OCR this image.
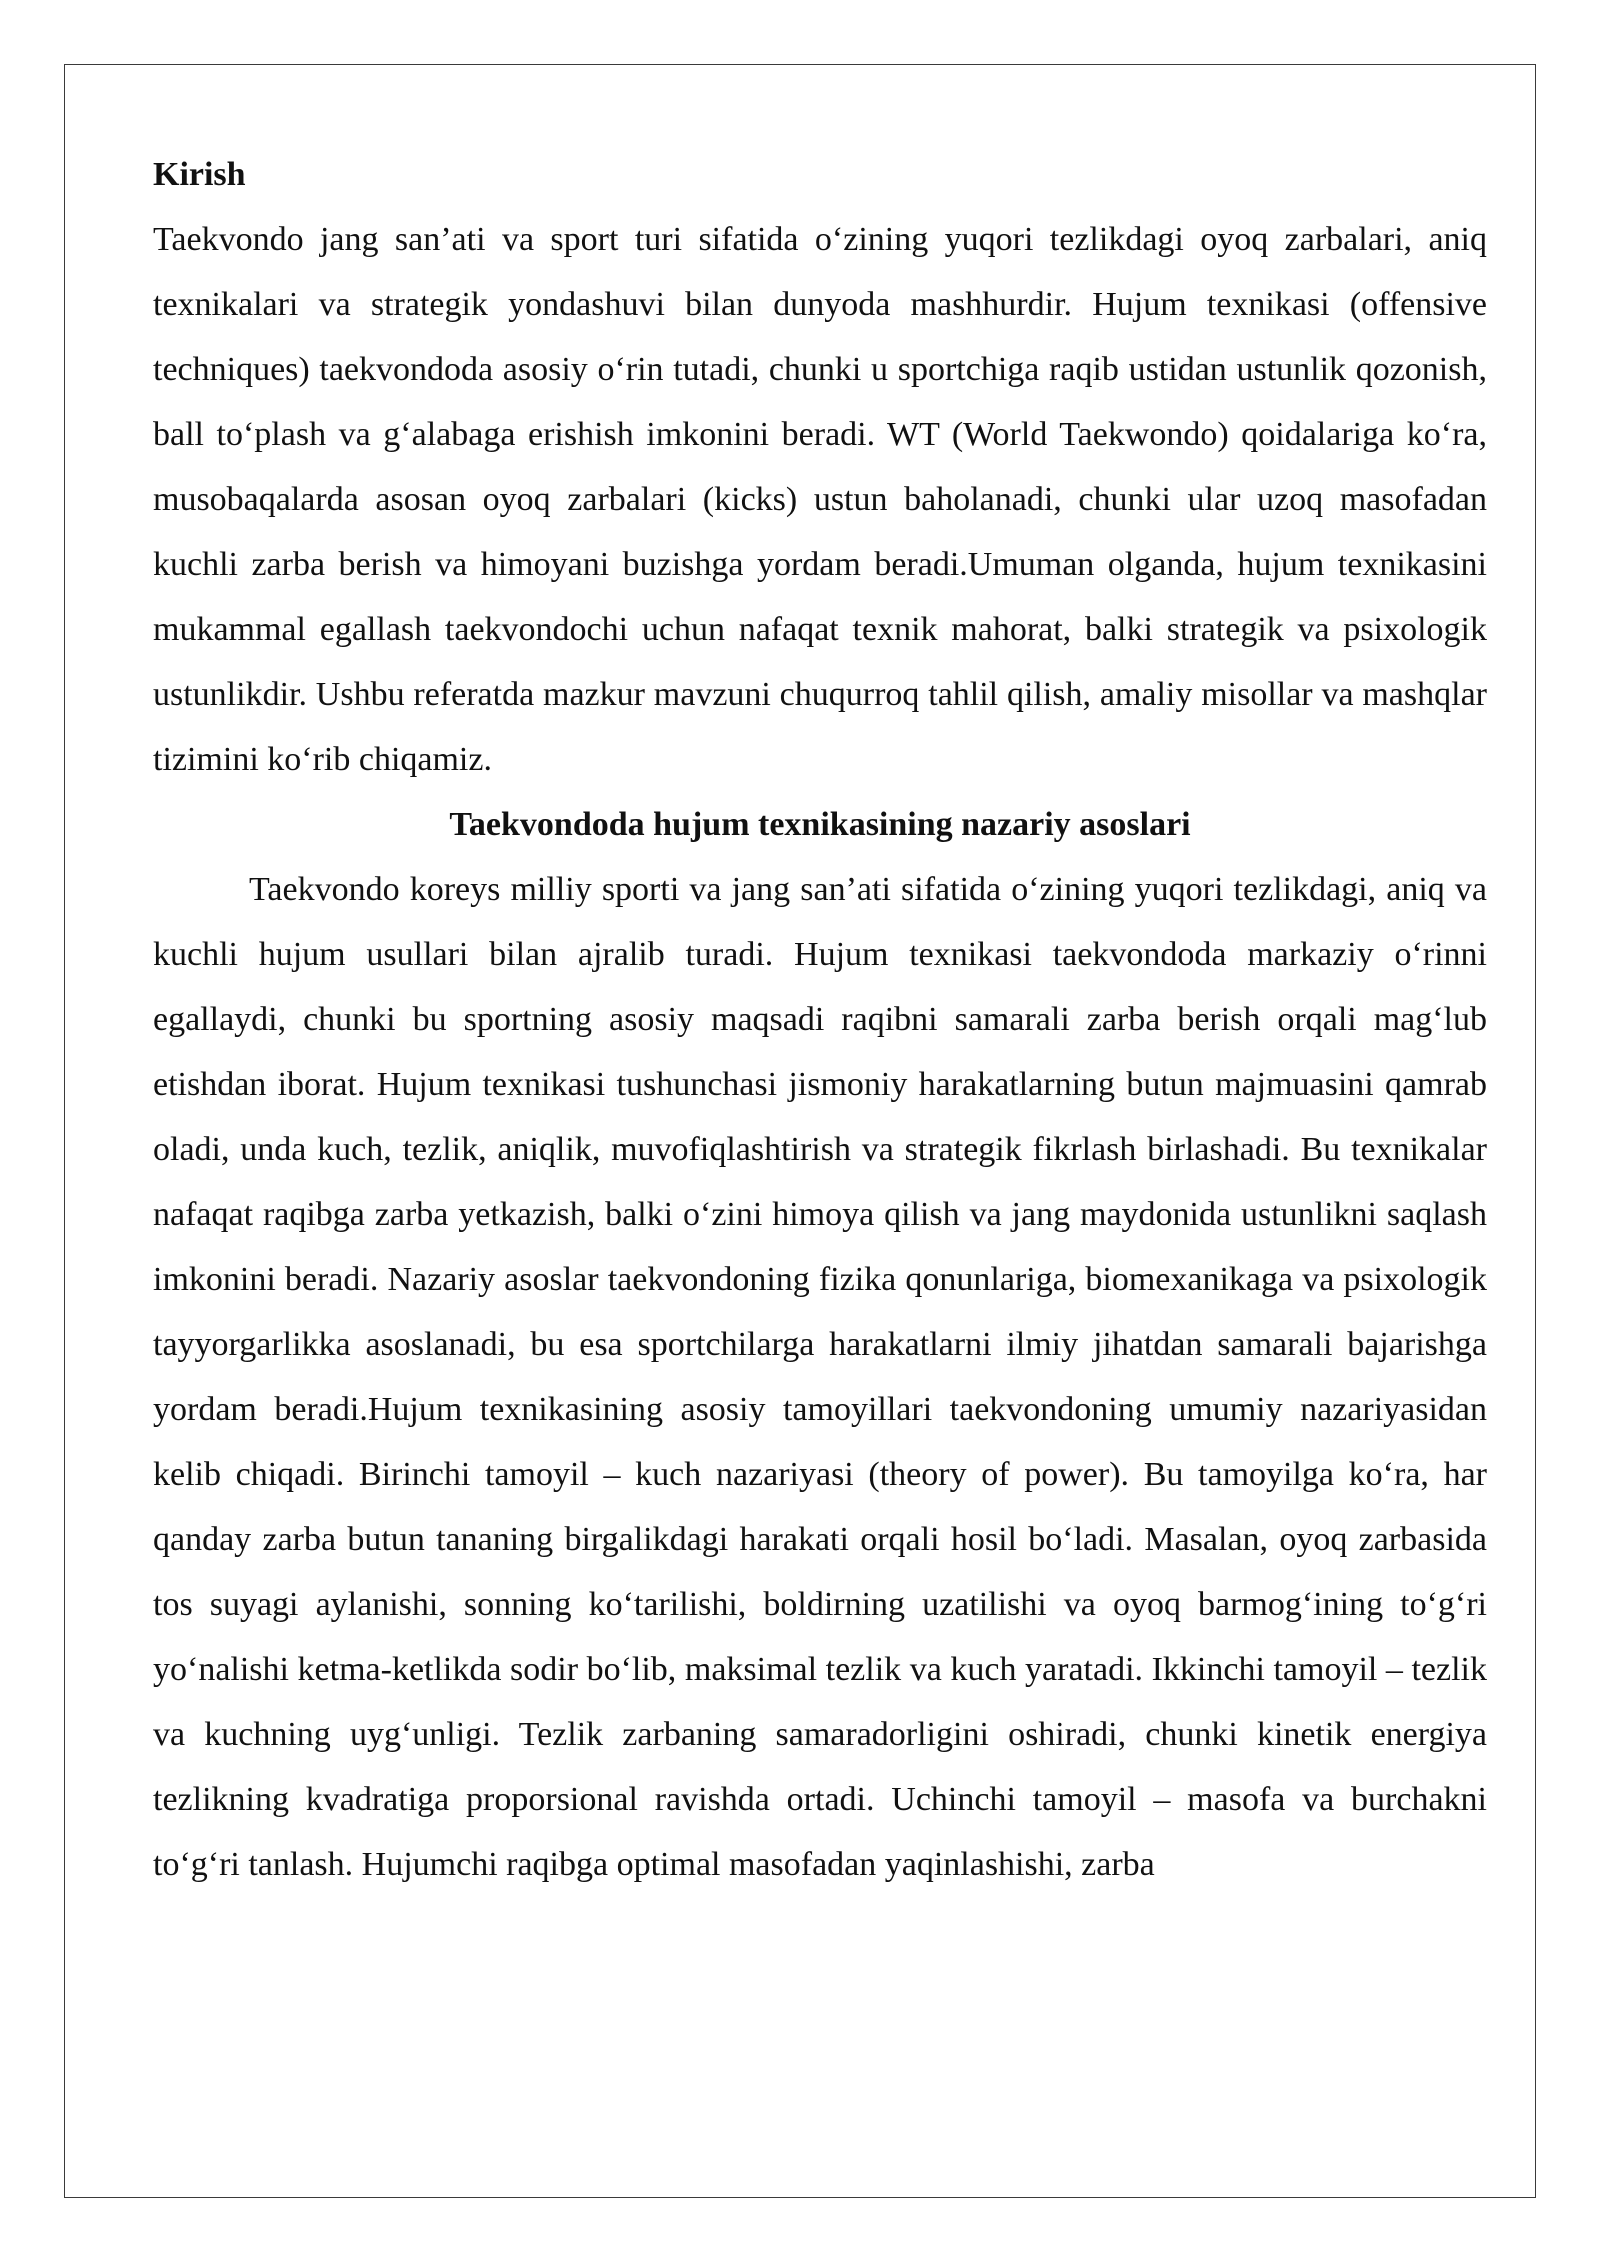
Kirish

Taekvondo jang san’ati va sport turi sifatida o‘zining yuqori tezlikdagi oyoq zarbalari, aniq texnikalari va strategik yondashuvi bilan dunyoda mashhurdir. Hujum texnikasi (offensive techniques) taekvondoda asosiy o‘rin tutadi, chunki u sportchiga raqib ustidan ustunlik qozonish, ball to‘plash va g‘alabaga erishish imkonini beradi. WT (World Taekwondo) qoidalariga ko‘ra, musobaqalarda asosan oyoq zarbalari (kicks) ustun baholanadi, chunki ular uzoq masofadan kuchli zarba berish va himoyani buzishga yordam beradi.Umuman olganda, hujum texnikasini mukammal egallash taekvondochi uchun nafaqat texnik mahorat, balki strategik va psixologik ustunlikdir. Ushbu referatda mazkur mavzuni chuqurroq tahlil qilish, amaliy misollar va mashqlar tizimini ko‘rib chiqamiz.

Taekvondoda hujum texnikasining nazariy asoslari

Taekvondo koreys milliy sporti va jang san’ati sifatida o‘zining yuqori tezlikdagi, aniq va kuchli hujum usullari bilan ajralib turadi. Hujum texnikasi taekvondoda markaziy o‘rinni egallaydi, chunki bu sportning asosiy maqsadi raqibni samarali zarba berish orqali mag‘lub etishdan iborat. Hujum texnikasi tushunchasi jismoniy harakatlarning butun majmuasini qamrab oladi, unda kuch, tezlik, aniqlik, muvofiqlashtirish va strategik fikrlash birlashadi. Bu texnikalar nafaqat raqibga zarba yetkazish, balki o‘zini himoya qilish va jang maydonida ustunlikni saqlash imkonini beradi. Nazariy asoslar taekvondoning fizika qonunlariga, biomexanikaga va psixologik tayyorgarlikka asoslanadi, bu esa sportchilarga harakatlarni ilmiy jihatdan samarali bajarishga yordam beradi.Hujum texnikasining asosiy tamoyillari taekvondoning umumiy nazariyasidan kelib chiqadi. Birinchi tamoyil – kuch nazariyasi (theory of power). Bu tamoyilga ko‘ra, har qanday zarba butun tananing birgalikdagi harakati orqali hosil bo‘ladi. Masalan, oyoq zarbasida tos suyagi aylanishi, sonning ko‘tarilishi, boldirning uzatilishi va oyoq barmog‘ining to‘g‘ri yo‘nalishi ketma-ketlikda sodir bo‘lib, maksimal tezlik va kuch yaratadi. Ikkinchi tamoyil – tezlik va kuchning uyg‘unligi. Tezlik zarbaning samaradorligini oshiradi, chunki kinetik energiya tezlikning kvadratiga proporsional ravishda ortadi. Uchinchi tamoyil – masofa va burchakni to‘g‘ri tanlash. Hujumchi raqibga optimal masofadan yaqinlashishi, zarba
